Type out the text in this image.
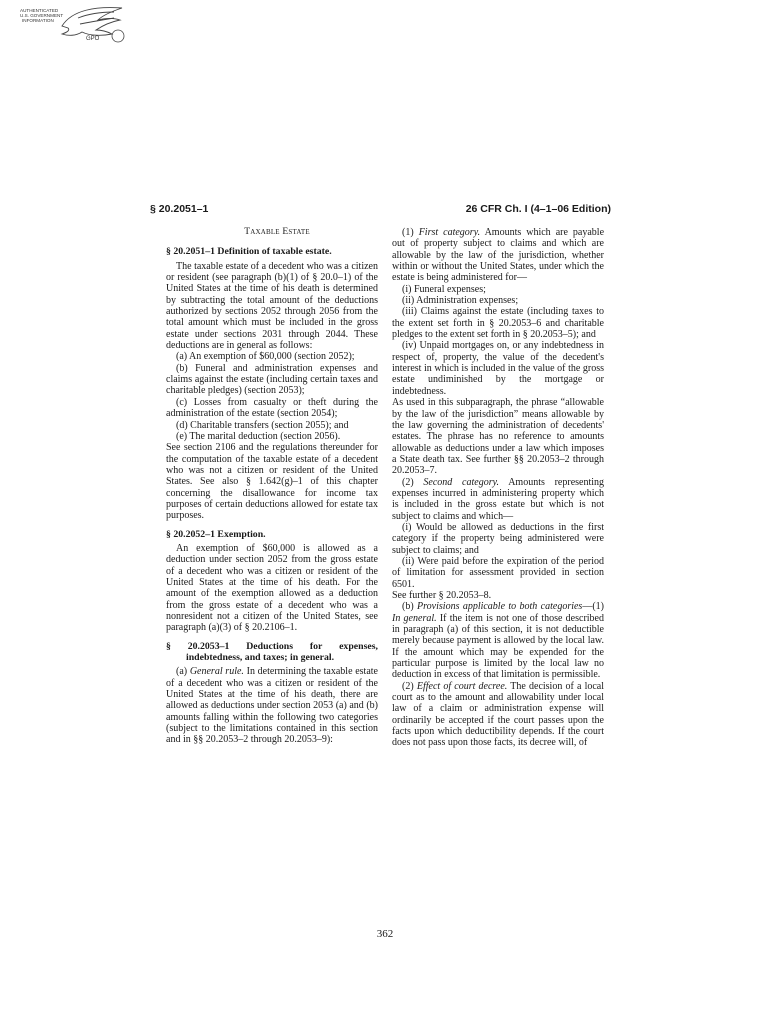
AUTHENTICATED
U.S. GOVERNMENT
INFORMATION
GPO
§ 20.2051–1	26 CFR Ch. I (4–1–06 Edition)

Taxable Estate

§ 20.2051–1 Definition of taxable estate.

The taxable estate of a decedent who was a citizen or resident (see paragraph (b)(1) of § 20.0–1) of the United States at the time of his death is determined by subtracting the total amount of the deductions authorized by sections 2052 through 2056 from the total amount which must be included in the gross estate under sections 2031 through 2044. These deductions are in general as follows:

(a) An exemption of $60,000 (section 2052);

(b) Funeral and administration expenses and claims against the estate (including certain taxes and charitable pledges) (section 2053);

(c) Losses from casualty or theft during the administration of the estate (section 2054);

(d) Charitable transfers (section 2055); and

(e) The marital deduction (section 2056).

See section 2106 and the regulations thereunder for the computation of the taxable estate of a decedent who was not a citizen or resident of the United States. See also § 1.642(g)–1 of this chapter concerning the disallowance for income tax purposes of certain deductions allowed for estate tax purposes.

§ 20.2052–1 Exemption.

An exemption of $60,000 is allowed as a deduction under section 2052 from the gross estate of a decedent who was a citizen or resident of the United States at the time of his death. For the amount of the exemption allowed as a deduction from the gross estate of a decedent who was a nonresident not a citizen of the United States, see paragraph (a)(3) of § 20.2106–1.

§ 20.2053–1 Deductions for expenses, indebtedness, and taxes; in general.

(a) General rule. In determining the taxable estate of a decedent who was a citizen or resident of the United States at the time of his death, there are allowed as deductions under section 2053 (a) and (b) amounts falling within the following two categories (subject to the limitations contained in this section and in §§ 20.2053–2 through 20.2053–9):

(1) First category. Amounts which are payable out of property subject to claims and which are allowable by the law of the jurisdiction, whether within or without the United States, under which the estate is being administered for—

(i) Funeral expenses;

(ii) Administration expenses;

(iii) Claims against the estate (including taxes to the extent set forth in § 20.2053–6 and charitable pledges to the extent set forth in § 20.2053–5); and

(iv) Unpaid mortgages on, or any indebtedness in respect of, property, the value of the decedent's interest in which is included in the value of the gross estate undiminished by the mortgage or indebtedness.

As used in this subparagraph, the phrase “allowable by the law of the jurisdiction” means allowable by the law governing the administration of decedents' estates. The phrase has no reference to amounts allowable as deductions under a law which imposes a State death tax. See further §§ 20.2053–2 through 20.2053–7.

(2) Second category. Amounts representing expenses incurred in administering property which is included in the gross estate but which is not subject to claims and which—

(i) Would be allowed as deductions in the first category if the property being administered were subject to claims; and

(ii) Were paid before the expiration of the period of limitation for assessment provided in section 6501.

See further § 20.2053–8.

(b) Provisions applicable to both categories—(1) In general. If the item is not one of those described in paragraph (a) of this section, it is not deductible merely because payment is allowed by the local law. If the amount which may be expended for the particular purpose is limited by the local law no deduction in excess of that limitation is permissible.

(2) Effect of court decree. The decision of a local court as to the amount and allowability under local law of a claim or administration expense will ordinarily be accepted if the court passes upon the facts upon which deductibility depends. If the court does not pass upon those facts, its decree will, of

362
